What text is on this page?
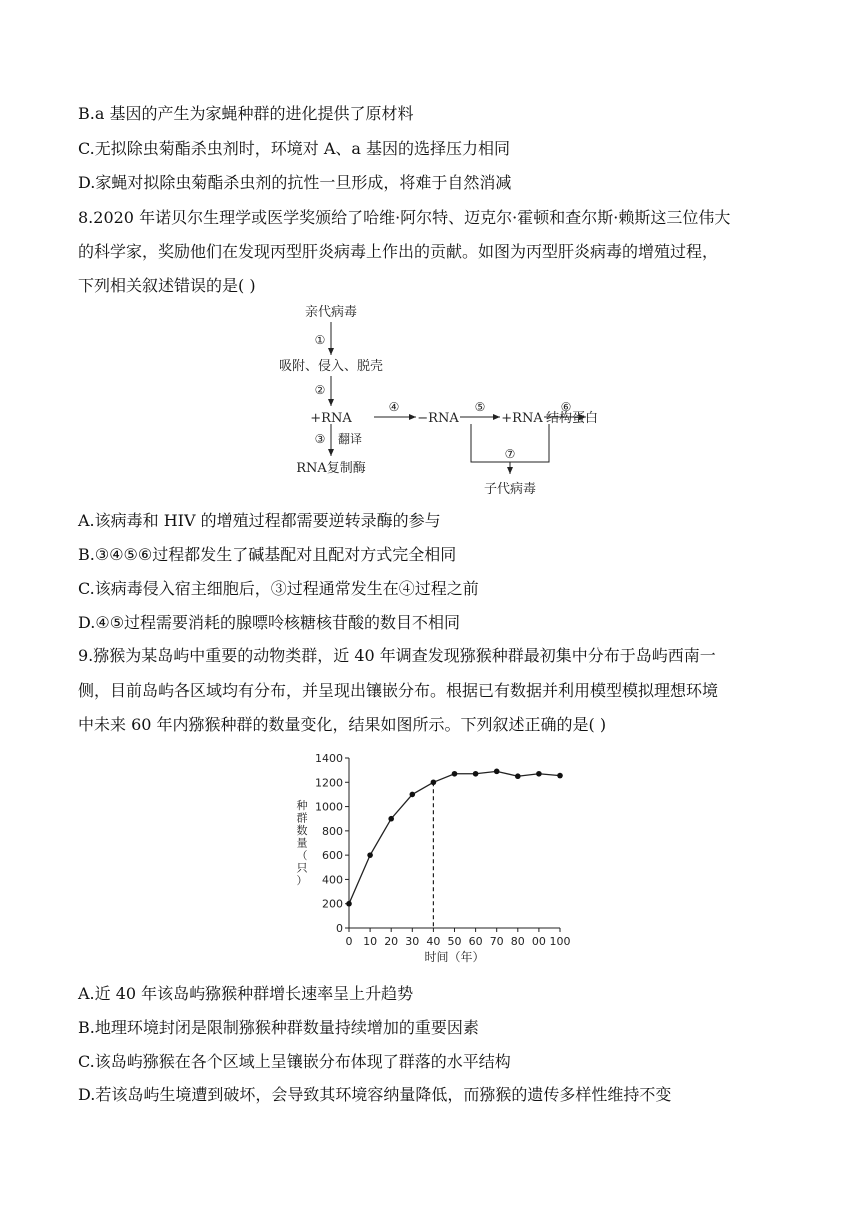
B.a 基因的产生为家蝇种群的进化提供了原材料
C.无拟除虫菊酯杀虫剂时，环境对 A、a 基因的选择压力相同
D.家蝇对拟除虫菊酯杀虫剂的抗性一旦形成，将难于自然消减
8.2020 年诺贝尔生理学或医学奖颁给了哈维·阿尔特、迈克尔·霍顿和查尔斯·赖斯这三位伟大
的科学家，奖励他们在发现丙型肝炎病毒上作出的贡献。如图为丙型肝炎病毒的增殖过程，
下列相关叙述错误的是( )
A.该病毒和 HIV 的增殖过程都需要逆转录酶的参与
B.③④⑤⑥过程都发生了碱基配对且配对方式完全相同
C.该病毒侵入宿主细胞后，③过程通常发生在④过程之前
D.④⑤过程需要消耗的腺嘌呤核糖核苷酸的数目不相同
9.猕猴为某岛屿中重要的动物类群，近 40 年调查发现猕猴种群最初集中分布于岛屿西南一
侧，目前岛屿各区域均有分布，并呈现出镶嵌分布。根据已有数据并利用模型模拟理想环境
中未来 60 年内猕猴种群的数量变化，结果如图所示。下列叙述正确的是( )
A.近 40 年该岛屿猕猴种群增长速率呈上升趋势
B.地理环境封闭是限制猕猴种群数量持续增加的重要因素
C.该岛屿猕猴在各个区域上呈镶嵌分布体现了群落的水平结构
D.若该岛屿生境遭到破坏，会导致其环境容纳量降低，而猕猴的遗传多样性维持不变
亲代病毒
①
吸附、侵入、脱壳
②
+RNA
④
−RNA
⑤
+RNA
⑥
结构蛋白
③ 翻译
RNA复制酶
⑦
子代病毒
种
群
数
量
（
只
）
0
200
400
600
800
1000
1200
1400
0 10 20 30 40 50 60 70 80 00 100
时间（年）
